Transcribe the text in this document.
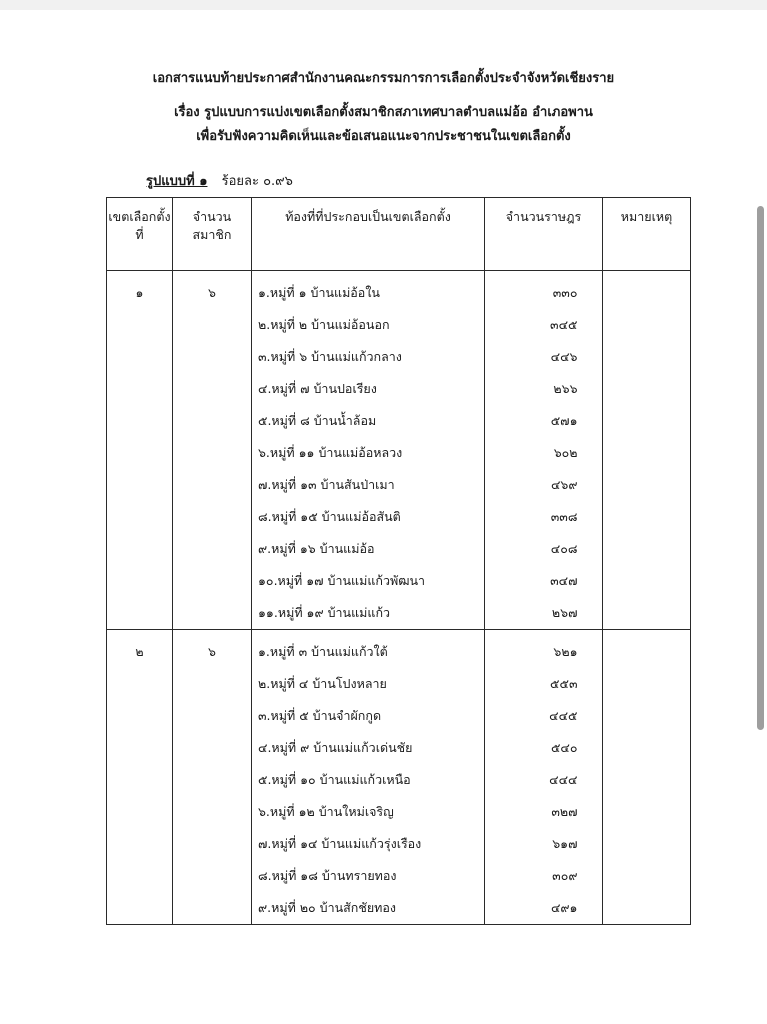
เอกสารแนบท้ายประกาศสำนักงานคณะกรรมการการเลือกตั้งประจำจังหวัดเชียงราย
เรื่อง รูปแบบการแบ่งเขตเลือกตั้งสมาชิกสภาเทศบาลตำบลแม่อ้อ อำเภอพาน
เพื่อรับฟังความคิดเห็นและข้อเสนอแนะจากประชาชนในเขตเลือกตั้ง
รูปแบบที่ ๑ ร้อยละ ๐.๙๖
เขตเลือกตั้งที่	จำนวนสมาชิก	ท้องที่ที่ประกอบเป็นเขตเลือกตั้ง	จำนวนราษฎร	หมายเหตุ
๑	๖	๑.หมู่ที่ ๑ บ้านแม่อ้อใน	๓๓๐	
		๒.หมู่ที่ ๒ บ้านแม่อ้อนอก	๓๔๕	
		๓.หมู่ที่ ๖ บ้านแม่แก้วกลาง	๔๔๖	
		๔.หมู่ที่ ๗ บ้านปอเรียง	๒๖๖	
		๕.หมู่ที่ ๘ บ้านน้ำล้อม	๕๗๑	
		๖.หมู่ที่ ๑๑ บ้านแม่อ้อหลวง	๖๐๒	
		๗.หมู่ที่ ๑๓ บ้านสันป่าเมา	๔๖๙	
		๘.หมู่ที่ ๑๕ บ้านแม่อ้อสันติ	๓๓๘	
		๙.หมู่ที่ ๑๖ บ้านแม่อ้อ	๔๐๘	
		๑๐.หมู่ที่ ๑๗ บ้านแม่แก้วพัฒนา	๓๔๗	
		๑๑.หมู่ที่ ๑๙ บ้านแม่แก้ว	๒๖๗	
๒	๖	๑.หมู่ที่ ๓ บ้านแม่แก้วใต้	๖๒๑	
		๒.หมู่ที่ ๔ บ้านโปงหลาย	๕๕๓	
		๓.หมู่ที่ ๕ บ้านจำผักกูด	๔๔๕	
		๔.หมู่ที่ ๙ บ้านแม่แก้วเด่นชัย	๕๔๐	
		๕.หมู่ที่ ๑๐ บ้านแม่แก้วเหนือ	๔๔๔	
		๖.หมู่ที่ ๑๒ บ้านใหม่เจริญ	๓๒๗	
		๗.หมู่ที่ ๑๔ บ้านแม่แก้วรุ่งเรือง	๖๑๗	
		๘.หมู่ที่ ๑๘ บ้านทรายทอง	๓๐๙	
		๙.หมู่ที่ ๒๐ บ้านสักชัยทอง	๔๙๑	
